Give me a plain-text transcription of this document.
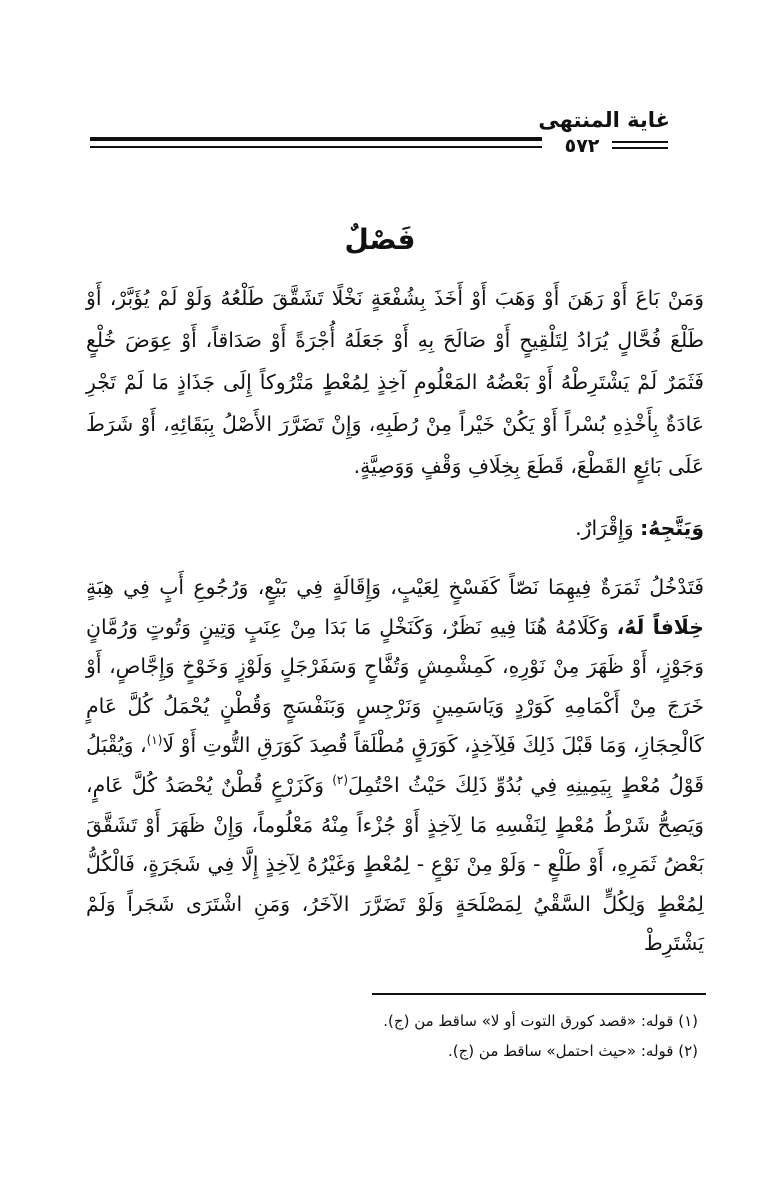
غاية المنتهى
٥٧٢
فَصْلٌ

وَمَنْ بَاعَ أَوْ رَهَنَ أَوْ وَهَبَ أَوْ أَخَذَ بِشُفْعَةٍ نَخْلًا تَشَقَّقَ طَلْعُهُ وَلَوْ لَمْ يُؤَبَّرْ، أَوْ طَلْعَ فُحَّالٍ يُرَادُ لِتَلْقِيحٍ أَوْ صَالَحَ بِهِ أَوْ جَعَلَهُ أُجْرَةً أَوْ صَدَاقاً، أَوْ عِوَضَ خُلْعٍ فَثَمَرٌ لَمْ يَشْتَرِطْهُ أَوْ بَعْضُهُ المَعْلُومِ آخِذٍ لِمُعْطٍ مَتْرُوكاً إِلَى جَذَاذٍ مَا لَمْ تَجْرِ عَادَةٌ بِأَخْذِهِ بُسْراً أَوْ يَكُنْ خَيْراً مِنْ رُطَبِهِ، وَإِنْ تَضَرَّرَ الأَصْلُ بِبَقَائِهِ، أَوْ شَرَطَ عَلَى بَائِعٍ القَطْعَ، قَطَعَ بِخِلَافِ وَقْفٍ وَوَصِيَّةٍ.

وَيَتَّجِهُ: وَإِقْرَارٌ.

فَتَدْخُلُ ثَمَرَةٌ فِيهِمَا نَصّاً كَفَسْخٍ لِعَيْبٍ، وَإِقَالَةٍ فِي بَيْعٍ، وَرُجُوعِ أَبٍ فِي هِبَةٍ خِلَافاً لَهُ، وَكَلَامُهُ هُنَا فِيهِ نَظَرٌ، وَكَنَخْلٍ مَا بَدَا مِنْ عِنَبٍ وَتِينٍ وَتُوتٍ وَرُمَّانٍ وَجَوْزٍ، أَوْ ظَهَرَ مِنْ نَوْرِهِ، كَمِشْمِشٍ وَتُفَّاحٍ وَسَفَرْجَلٍ وَلَوْزٍ وَخَوْخٍ وَإِجَّاصٍ، أَوْ خَرَجَ مِنْ أَكْمَامِهِ كَوَرْدٍ وَيَاسَمِينٍ وَنَرْجِسٍ وَبَنَفْسَجٍ وَقُطْنٍ يُحْمَلُ كُلَّ عَامٍ كَالْحِجَازِ، وَمَا قَبْلَ ذَلِكَ فَلِآخِذٍ، كَوَرَقٍ مُطْلَقاً قُصِدَ كَوَرَقِ التُّوتِ أَوْ لَا$^{(١)}$، وَيُقْبَلُ قَوْلُ مُعْطٍ بِيَمِينِهِ فِي بُدُوِّ ذَلِكَ حَيْثُ احْتُمِلَ$^{(٢)}$ وَكَزَرْعٍ قُطْنٌ يُحْصَدُ كُلَّ عَامٍ، وَيَصِحُّ شَرْطُ مُعْطٍ لِنَفْسِهِ مَا لِآخِذٍ أَوْ جُزْءاً مِنْهُ مَعْلُوماً، وَإِنْ ظَهَرَ أَوْ تَشَقَّقَ بَعْضُ ثَمَرِهِ، أَوْ طَلْعٍ - وَلَوْ مِنْ نَوْعٍ - لِمُعْطٍ وَغَيْرُهُ لِآخِذٍ إِلَّا فِي شَجَرَةٍ، فَالْكُلُّ لِمُعْطٍ وَلِكُلٍّ السَّقْيُ لِمَصْلَحَةٍ وَلَوْ تَضَرَّرَ الآخَرُ، وَمَنِ اشْتَرَى شَجَراً وَلَمْ يَشْتَرِطْ

(١) قوله: «قصد كورق التوت أو لا» ساقط من (ج).
(٢) قوله: «حيث احتمل» ساقط من (ج).
